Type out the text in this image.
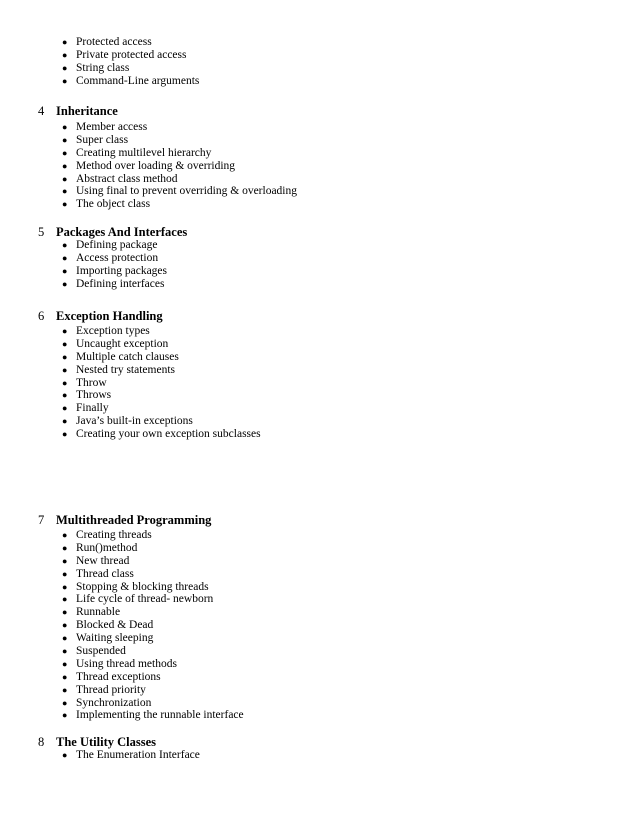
● Protected access
● Private protected access
● String class
● Command-Line arguments
4 Inheritance
● Member access
● Super class
● Creating multilevel hierarchy
● Method over loading & overriding
● Abstract class method
● Using final to prevent overriding & overloading
● The object class
5 Packages And Interfaces
● Defining package
● Access protection
● Importing packages
● Defining interfaces
6 Exception Handling
● Exception types
● Uncaught exception
● Multiple catch clauses
● Nested try statements
● Throw
● Throws
● Finally
● Java’s built-in exceptions
● Creating your own exception subclasses
7 Multithreaded Programming
● Creating threads
● Run()method
● New thread
● Thread class
● Stopping & blocking threads
● Life cycle of thread- newborn
● Runnable
● Blocked & Dead
● Waiting sleeping
● Suspended
● Using thread methods
● Thread exceptions
● Thread priority
● Synchronization
● Implementing the runnable interface
8 The Utility Classes
● The Enumeration Interface
